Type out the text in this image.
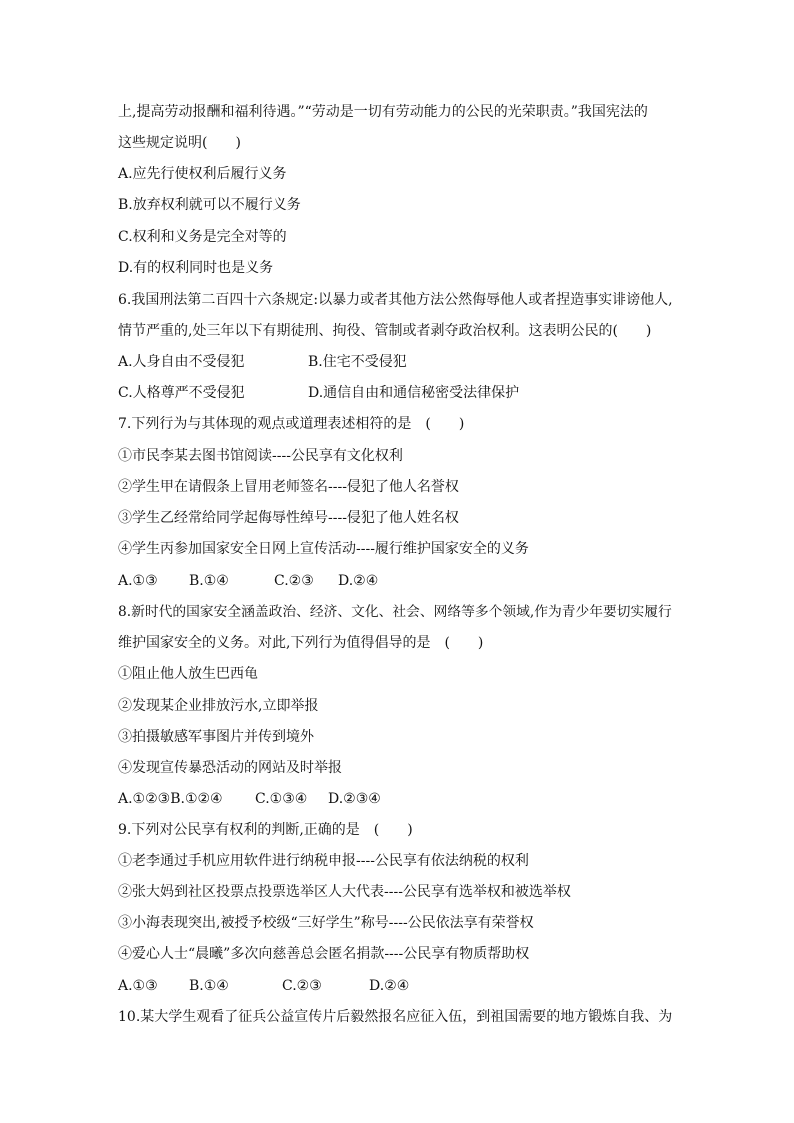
上,提高劳动报酬和福利待遇。”“劳动是一切有劳动能力的公民的光荣职责。”我国宪法的
这些规定说明(　　)
A.应先行使权利后履行义务
B.放弃权利就可以不履行义务
C.权利和义务是完全对等的
D.有的权利同时也是义务
6.我国刑法第二百四十六条规定:以暴力或者其他方法公然侮辱他人或者捏造事实诽谤他人,
情节严重的,处三年以下有期徒刑、拘役、管制或者剥夺政治权利。这表明公民的(　　)
A.人身自由不受侵犯	B.住宅不受侵犯
C.人格尊严不受侵犯	D.通信自由和通信秘密受法律保护
7.下列行为与其体现的观点或道理表述相符的是　(　　)
①市民李某去图书馆阅读----公民享有文化权利
②学生甲在请假条上冒用老师签名----侵犯了他人名誉权
③学生乙经常给同学起侮辱性绰号----侵犯了他人姓名权
④学生丙参加国家安全日网上宣传活动----履行维护国家安全的义务
A.①③ B.①④	C.②③ D.②④
8.新时代的国家安全涵盖政治、经济、文化、社会、网络等多个领域,作为青少年要切实履行
维护国家安全的义务。对此,下列行为值得倡导的是　(　　)
①阻止他人放生巴西龟
②发现某企业排放污水,立即举报
③拍摄敏感军事图片并传到境外
④发现宣传暴恐活动的网站及时举报
A.①②③B.①②④ C.①③④ D.②③④
9.下列对公民享有权利的判断,正确的是　(　　)
①老李通过手机应用软件进行纳税申报----公民享有依法纳税的权利
②张大妈到社区投票点投票选举区人大代表----公民享有选举权和被选举权
③小海表现突出,被授予校级“三好学生”称号----公民依法享有荣誉权
④爱心人士“晨曦”多次向慈善总会匿名捐款----公民享有物质帮助权
A.①③ B.①④	C.②③	D.②④
10.某大学生观看了征兵公益宣传片后毅然报名应征入伍，到祖国需要的地方锻炼自我、为
